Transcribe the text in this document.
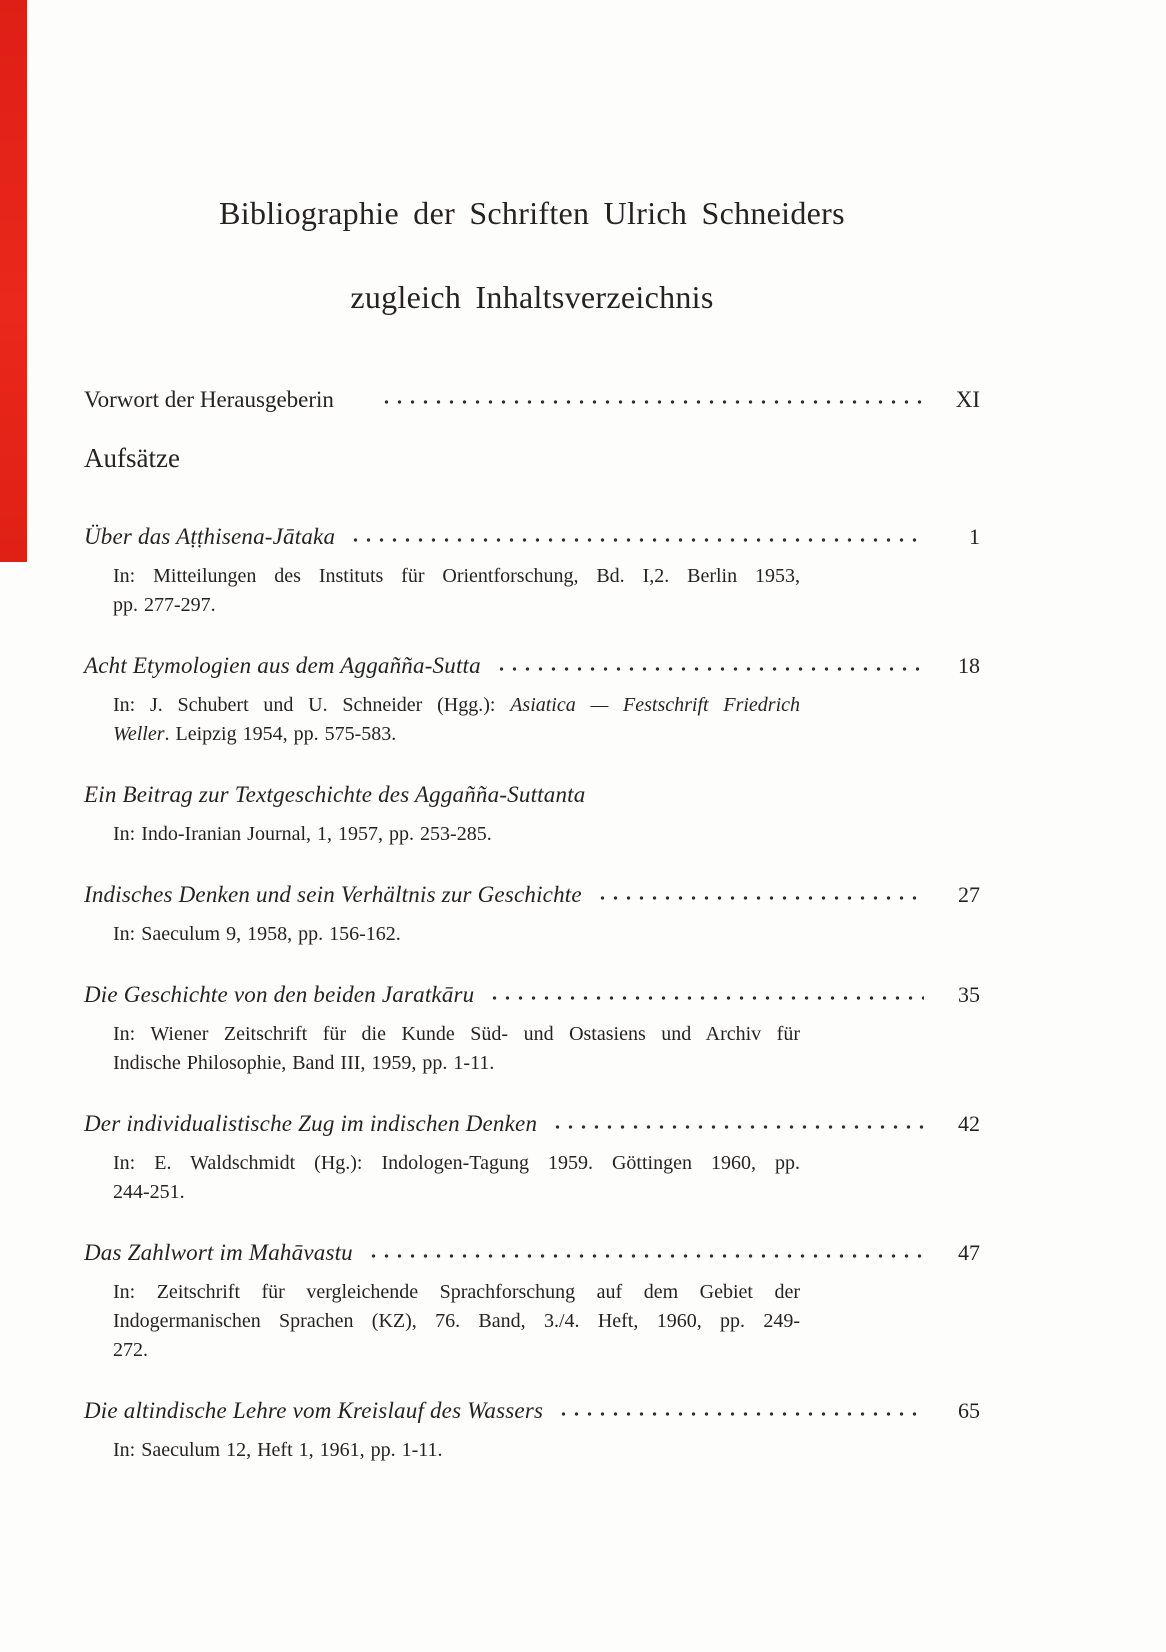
Bibliographie der Schriften Ulrich Schneiders
zugleich Inhaltsverzeichnis
Vorwort der Herausgeberin	XI
Aufsätze
Über das Aṭṭhisena-Jātaka	1
In: Mitteilungen des Instituts für Orientforschung, Bd. I,2. Berlin 1953,
pp. 277-297.
Acht Etymologien aus dem Aggañña-Sutta	18
In: J. Schubert und U. Schneider (Hgg.): Asiatica — Festschrift Friedrich
Weller. Leipzig 1954, pp. 575-583.
Ein Beitrag zur Textgeschichte des Aggañña-Suttanta
In: Indo-Iranian Journal, 1, 1957, pp. 253-285.
Indisches Denken und sein Verhältnis zur Geschichte	27
In: Saeculum 9, 1958, pp. 156-162.
Die Geschichte von den beiden Jaratkāru	35
In: Wiener Zeitschrift für die Kunde Süd- und Ostasiens und Archiv für
Indische Philosophie, Band III, 1959, pp. 1-11.
Der individualistische Zug im indischen Denken	42
In: E. Waldschmidt (Hg.): Indologen-Tagung 1959. Göttingen 1960, pp.
244-251.
Das Zahlwort im Mahāvastu	47
In: Zeitschrift für vergleichende Sprachforschung auf dem Gebiet der
Indogermanischen Sprachen (KZ), 76. Band, 3./4. Heft, 1960, pp. 249-
272.
Die altindische Lehre vom Kreislauf des Wassers	65
In: Saeculum 12, Heft 1, 1961, pp. 1-11.
